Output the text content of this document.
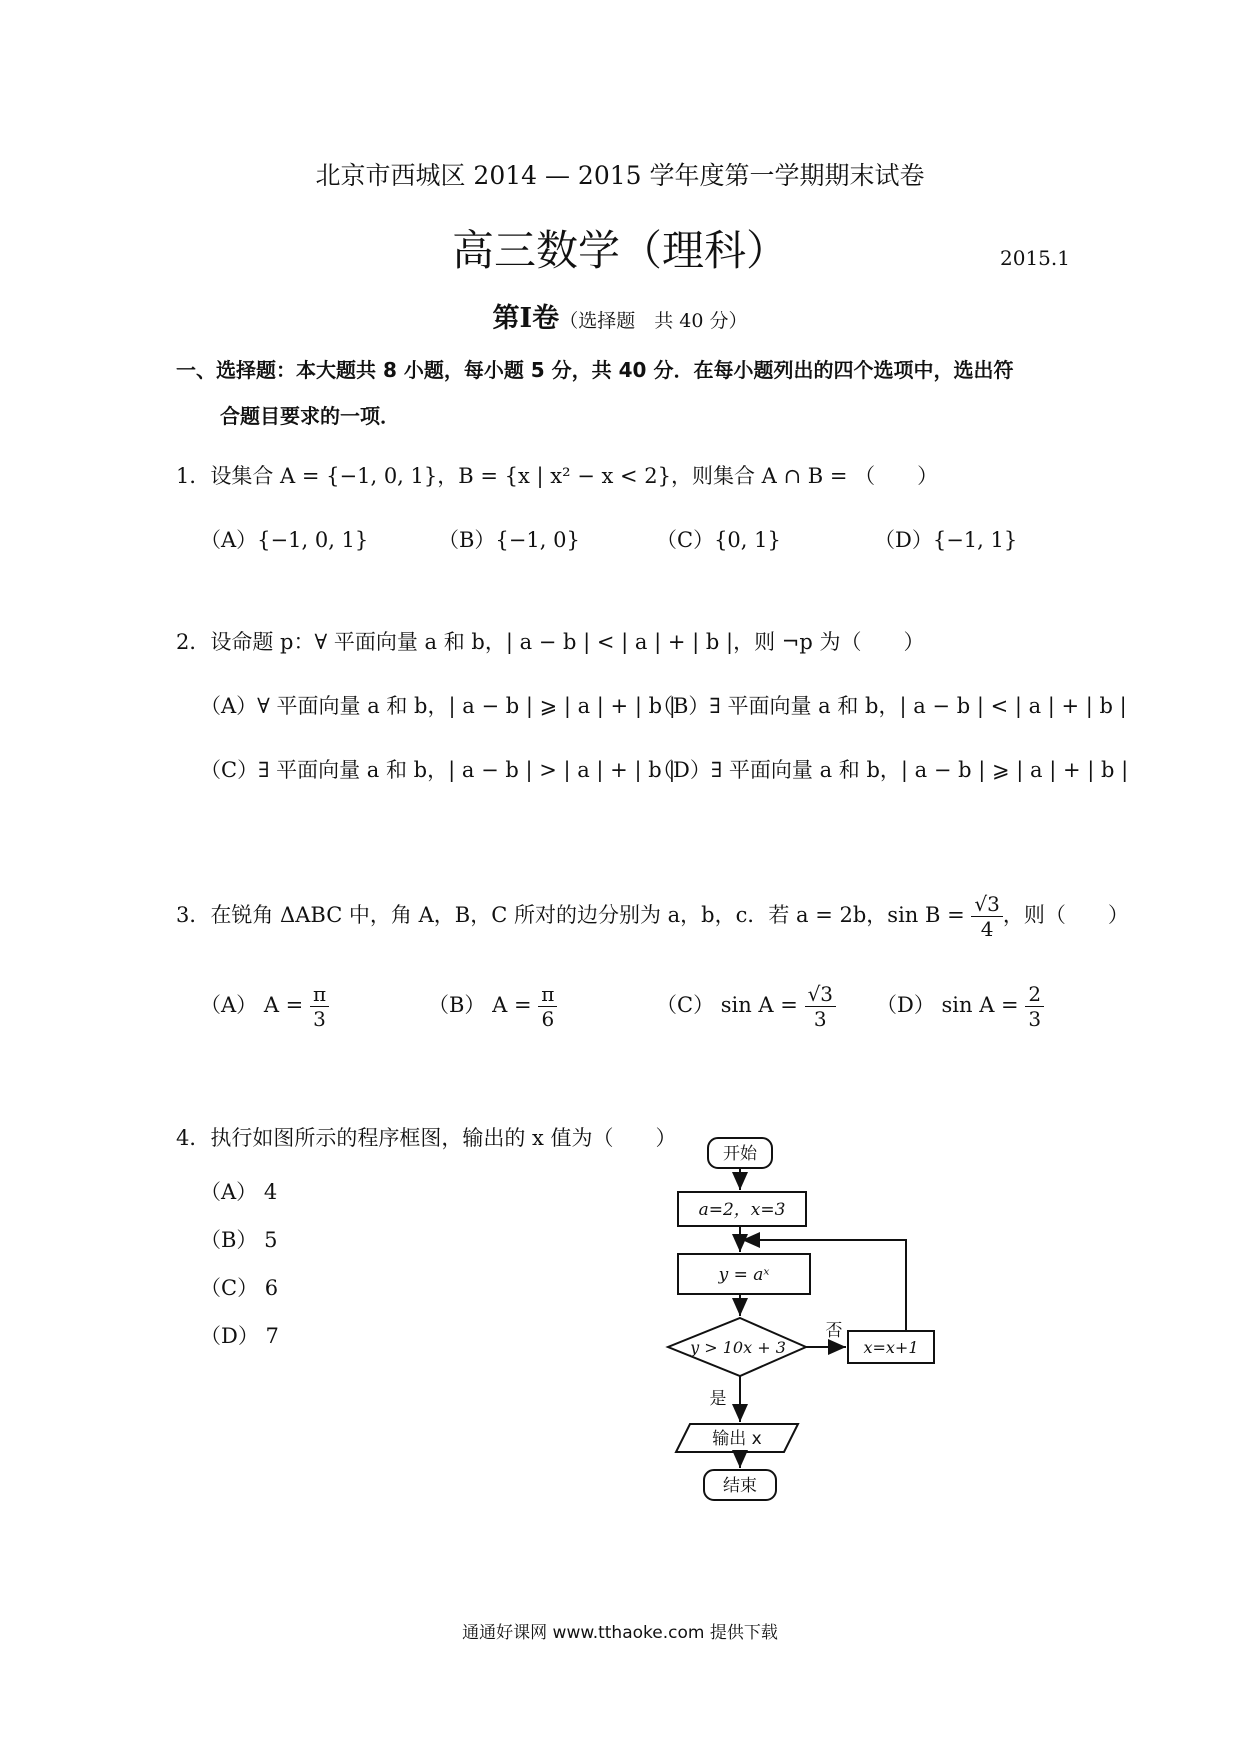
北京市西城区 2014 — 2015 学年度第一学期期末试卷
高三数学（理科）	2015.1
第Ⅰ卷（选择题　共 40 分）
一、选择题：本大题共 8 小题，每小题 5 分，共 40 分．在每小题列出的四个选项中，选出符
合题目要求的一项．
1．设集合 A = {−1, 0, 1}，B = {x | x² − x < 2}，则集合 A ∩ B = （　　）
（A）{−1, 0, 1}	（B）{−1, 0}	（C）{0, 1}	（D）{−1, 1}
2．设命题 p：∀ 平面向量 a 和 b，| a − b | < | a | + | b |，则 ¬p 为（　　）
（A）∀ 平面向量 a 和 b，| a − b | ⩾ | a | + | b |
（B）∃ 平面向量 a 和 b，| a − b | < | a | + | b |
（C）∃ 平面向量 a 和 b，| a − b | > | a | + | b |
（D）∃ 平面向量 a 和 b，| a − b | ⩾ | a | + | b |
3．在锐角 ΔABC 中，角 A，B，C 所对的边分别为 a，b，c．若 a = 2b，$\sin B = \frac{√3}{4}$ ，则（　　）
（A） $A = \frac{\pi}{3}$	（B） $A = \frac{\pi}{6}$	（C） $\sin A = \frac{√3}{3} (D)$ $\sin A = \frac{2}{3}$
4．执行如图所示的程序框图，输出的 x 值为（　　）
（A） 4
（B） 5
（C） 6
（D） 7
开始
a=2，x=3
y = aˣ
y > 10x + 3
否
x=x+1
是
输出 x
结束
通通好课网 www.tthaoke.com 提供下载
